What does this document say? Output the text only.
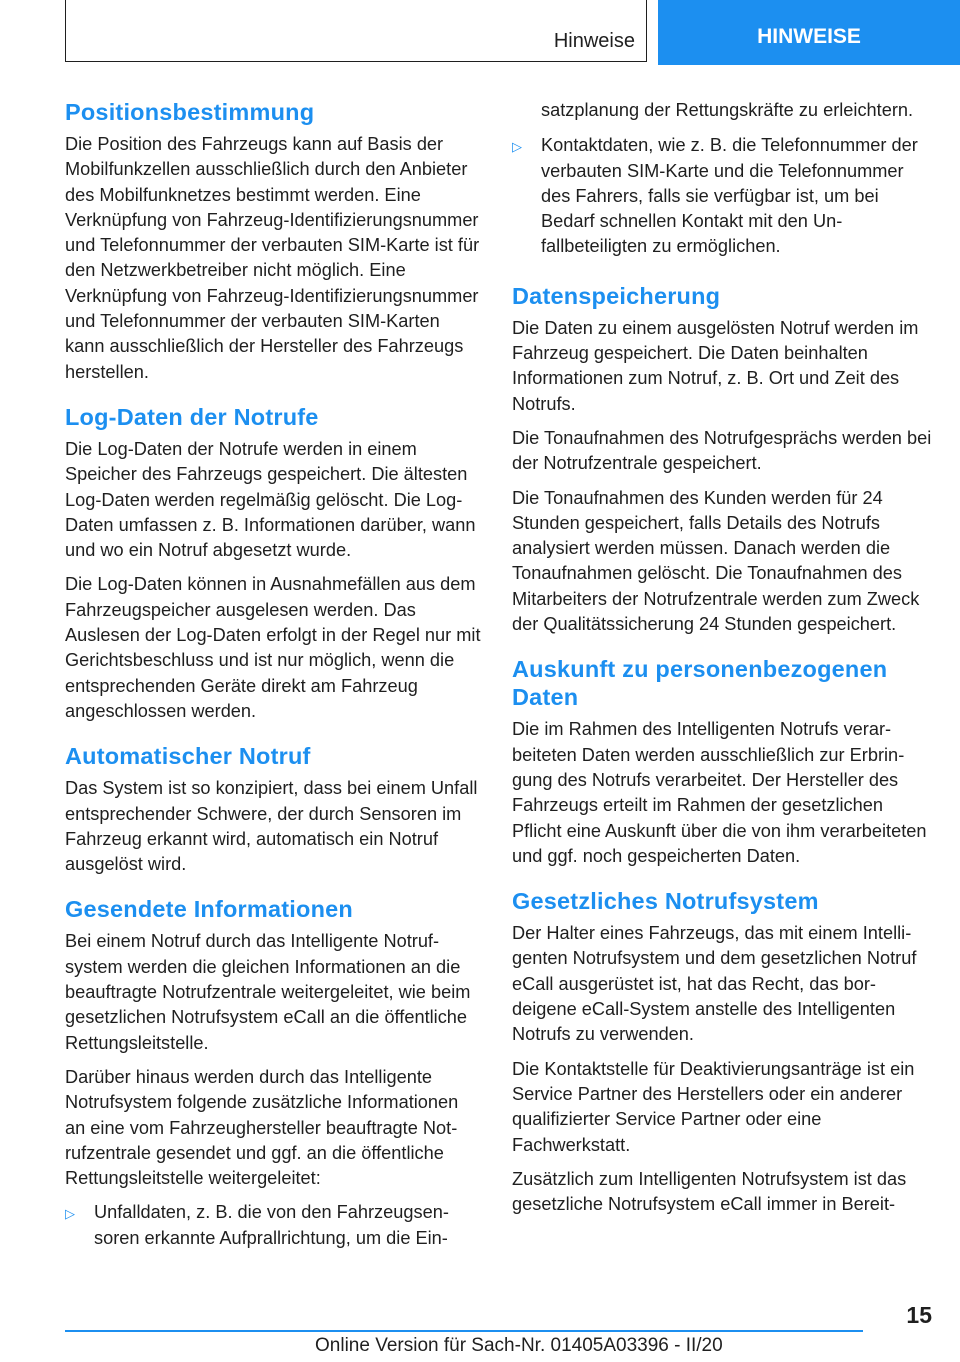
Hinweise	HINWEISE
Positionsbestimmung

Die Position des Fahrzeugs kann auf Basis der Mobilfunkzellen ausschließlich durch den Anbieter des Mobilfunknetzes bestimmt werden. Eine Verknüpfung von Fahrzeug-Identifizierungsnummer und Telefonnummer der verbauten SIM-Karte ist für den Netzwerkbetreiber nicht möglich. Eine Verknüpfung von Fahrzeug-Identifizierungsnummer und Telefonnummer der verbauten SIM-Karten kann ausschließlich der Hersteller des Fahrzeugs herstellen.

Log-Daten der Notrufe

Die Log-Daten der Notrufe werden in einem Speicher des Fahrzeugs gespeichert. Die ältesten Log-Daten werden regelmäßig gelöscht. Die Log-Daten umfassen z. B. Informationen darüber, wann und wo ein Notruf abgesetzt wurde.

Die Log-Daten können in Ausnahmefällen aus dem Fahrzeugspeicher ausgelesen werden. Das Auslesen der Log-Daten erfolgt in der Regel nur mit Gerichtsbeschluss und ist nur möglich, wenn die entsprechenden Geräte direkt am Fahrzeug angeschlossen werden.

Automatischer Notruf

Das System ist so konzipiert, dass bei einem Unfall entsprechender Schwere, der durch Sensoren im Fahrzeug erkannt wird, automatisch ein Notruf ausgelöst wird.

Gesendete Informationen

Bei einem Notruf durch das Intelligente Notrufsystem werden die gleichen Informationen an die beauftragte Notrufzentrale weitergeleitet, wie beim gesetzlichen Notrufsystem eCall an die öffentliche Rettungsleitstelle.

Darüber hinaus werden durch das Intelligente Notrufsystem folgende zusätzliche Informationen an eine vom Fahrzeughersteller beauftragte Notrufzentrale gesendet und ggf. an die öffentliche Rettungsleitstelle weitergeleitet:

▷ Unfalldaten, z. B. die von den Fahrzeugsensoren erkannte Aufprallrichtung, um die Ein-
satzplanung der Rettungskräfte zu erleichtern.
▷ Kontaktdaten, wie z. B. die Telefonnummer der verbauten SIM-Karte und die Telefonnummer des Fahrers, falls sie verfügbar ist, um bei Bedarf schnellen Kontakt mit den Unfallbeteiligten zu ermöglichen.
Datenspeicherung

Die Daten zu einem ausgelösten Notruf werden im Fahrzeug gespeichert. Die Daten beinhalten Informationen zum Notruf, z. B. Ort und Zeit des Notrufs.

Die Tonaufnahmen des Notrufgesprächs werden bei der Notrufzentrale gespeichert.

Die Tonaufnahmen des Kunden werden für 24 Stunden gespeichert, falls Details des Notrufs analysiert werden müssen. Danach werden die Tonaufnahmen gelöscht. Die Tonaufnahmen des Mitarbeiters der Notrufzentrale werden zum Zweck der Qualitätssicherung 24 Stunden gespeichert.

Auskunft zu personenbezogenen Daten

Die im Rahmen des Intelligenten Notrufs verarbeiteten Daten werden ausschließlich zur Erbringung des Notrufs verarbeitet. Der Hersteller des Fahrzeugs erteilt im Rahmen der gesetzlichen Pflicht eine Auskunft über die von ihm verarbeiteten und ggf. noch gespeicherten Daten.

Gesetzliches Notrufsystem

Der Halter eines Fahrzeugs, das mit einem Intelligenten Notrufsystem und dem gesetzlichen Notruf eCall ausgerüstet ist, hat das Recht, das bordeigene eCall-System anstelle des Intelligenten Notrufs zu verwenden.

Die Kontaktstelle für Deaktivierungsanträge ist ein Service Partner des Herstellers oder ein anderer qualifizierter Service Partner oder eine Fachwerkstatt.

Zusätzlich zum Intelligenten Notrufsystem ist das gesetzliche Notrufsystem eCall immer in Bereit-

15
Online Version für Sach-Nr. 01405A03396 - II/20
